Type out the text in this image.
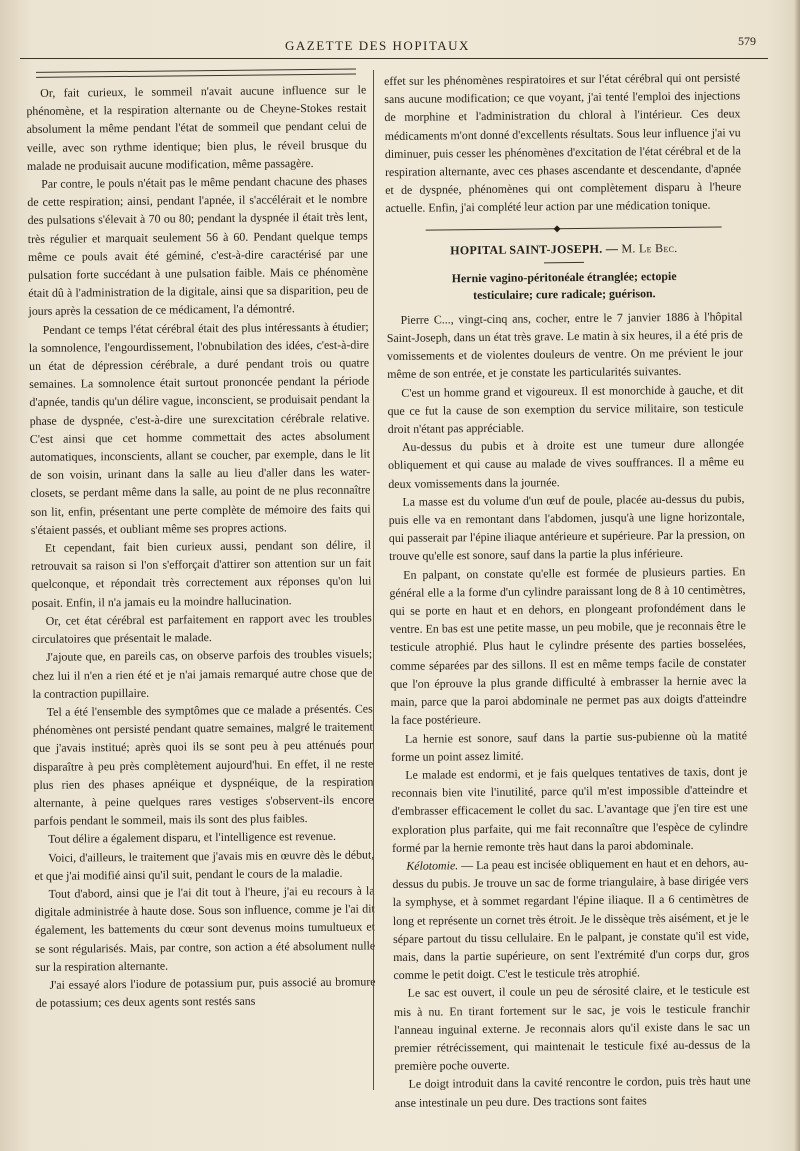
GAZETTE DES HOPITAUX	579

Or, fait curieux, le sommeil n'avait aucune influence sur le phénomène, et la respiration alternante ou de Cheyne-Stokes restait absolument la même pendant l'état de sommeil que pendant celui de veille, avec son rythme identique; bien plus, le réveil brusque du malade ne produisait aucune modification, même passagère.

Par contre, le pouls n'était pas le même pendant chacune des phases de cette respiration; ainsi, pendant l'apnée, il s'accélérait et le nombre des pulsations s'élevait à 70 ou 80; pendant la dyspnée il était très lent, très régulier et marquait seulement 56 à 60. Pendant quelque temps même ce pouls avait été géminé, c'est-à-dire caractérisé par une pulsation forte succédant à une pulsation faible. Mais ce phénomène était dû à l'administration de la digitale, ainsi que sa disparition, peu de jours après la cessation de ce médicament, l'a démontré.

Pendant ce temps l'état cérébral était des plus intéressants à étudier; la somnolence, l'engourdissement, l'obnubilation des idées, c'est-à-dire un état de dépression cérébrale, a duré pendant trois ou quatre semaines. La somnolence était surtout prononcée pendant la période d'apnée, tandis qu'un délire vague, inconscient, se produisait pendant la phase de dyspnée, c'est-à-dire une surexcitation cérébrale relative. C'est ainsi que cet homme commettait des actes absolument automatiques, inconscients, allant se coucher, par exemple, dans le lit de son voisin, urinant dans la salle au lieu d'aller dans les water-closets, se perdant même dans la salle, au point de ne plus reconnaître son lit, enfin, présentant une perte complète de mémoire des faits qui s'étaient passés, et oubliant même ses propres actions.

Et cependant, fait bien curieux aussi, pendant son délire, il retrouvait sa raison si l'on s'efforçait d'attirer son attention sur un fait quelconque, et répondait très correctement aux réponses qu'on lui posait. Enfin, il n'a jamais eu la moindre hallucination.

Or, cet état cérébral est parfaitement en rapport avec les troubles circulatoires que présentait le malade.

J'ajoute que, en pareils cas, on observe parfois des troubles visuels; chez lui il n'en a rien été et je n'ai jamais remarqué autre chose que de la contraction pupillaire.

Tel a été l'ensemble des symptômes que ce malade a présentés. Ces phénomènes ont persisté pendant quatre semaines, malgré le traitement que j'avais institué; après quoi ils se sont peu à peu atténués pour disparaître à peu près complètement aujourd'hui. En effet, il ne reste plus rien des phases apnéique et dyspnéique, de la respiration alternante, à peine quelques rares vestiges s'observent-ils encore parfois pendant le sommeil, mais ils sont des plus faibles.

Tout délire a également disparu, et l'intelligence est revenue.

Voici, d'ailleurs, le traitement que j'avais mis en œuvre dès le début, et que j'ai modifié ainsi qu'il suit, pendant le cours de la maladie.

Tout d'abord, ainsi que je l'ai dit tout à l'heure, j'ai eu recours à la digitale administrée à haute dose. Sous son influence, comme je l'ai dit également, les battements du cœur sont devenus moins tumultueux et se sont régularisés. Mais, par contre, son action a été absolument nulle sur la respiration alternante.

J'ai essayé alors l'iodure de potassium pur, puis associé au bromure de potassium; ces deux agents sont restés sans

effet sur les phénomènes respiratoires et sur l'état cérébral qui ont persisté sans aucune modification; ce que voyant, j'ai tenté l'emploi des injections de morphine et l'administration du chloral à l'intérieur. Ces deux médicaments m'ont donné d'excellents résultats. Sous leur influence j'ai vu diminuer, puis cesser les phénomènes d'excitation de l'état cérébral et de la respiration alternante, avec ces phases ascendante et descendante, d'apnée et de dyspnée, phénomènes qui ont complètement disparu à l'heure actuelle. Enfin, j'ai complété leur action par une médication tonique.

◆
HOPITAL SAINT-JOSEPH. — M. Le Bec.
Hernie vagino-péritonéale étranglée; ectopie
testiculaire; cure radicale; guérison.

Pierre C..., vingt-cinq ans, cocher, entre le 7 janvier 1886 à l'hôpital Saint-Joseph, dans un état très grave. Le matin à six heures, il a été pris de vomissements et de violentes douleurs de ventre. On me prévient le jour même de son entrée, et je constate les particularités suivantes.

C'est un homme grand et vigoureux. Il est monorchide à gauche, et dit que ce fut la cause de son exemption du service militaire, son testicule droit n'étant pas appréciable.

Au-dessus du pubis et à droite est une tumeur dure allongée obliquement et qui cause au malade de vives souffrances. Il a même eu deux vomissements dans la journée.

La masse est du volume d'un œuf de poule, placée au-dessus du pubis, puis elle va en remontant dans l'abdomen, jusqu'à une ligne horizontale, qui passerait par l'épine iliaque antérieure et supérieure. Par la pression, on trouve qu'elle est sonore, sauf dans la partie la plus inférieure.

En palpant, on constate qu'elle est formée de plusieurs parties. En général elle a la forme d'un cylindre paraissant long de 8 à 10 centimètres, qui se porte en haut et en dehors, en plongeant profondément dans le ventre. En bas est une petite masse, un peu mobile, que je reconnais être le testicule atrophié. Plus haut le cylindre présente des parties bosselées, comme séparées par des sillons. Il est en même temps facile de constater que l'on éprouve la plus grande difficulté à embrasser la hernie avec la main, parce que la paroi abdominale ne permet pas aux doigts d'atteindre la face postérieure.

La hernie est sonore, sauf dans la partie sus-pubienne où la matité forme un point assez limité.

Le malade est endormi, et je fais quelques tentatives de taxis, dont je reconnais bien vite l'inutilité, parce qu'il m'est impossible d'atteindre et d'embrasser efficacement le collet du sac. L'avantage que j'en tire est une exploration plus parfaite, qui me fait reconnaître que l'espèce de cylindre formé par la hernie remonte très haut dans la paroi abdominale.

Kélotomie. — La peau est incisée obliquement en haut et en dehors, au-dessus du pubis. Je trouve un sac de forme triangulaire, à base dirigée vers la symphyse, et à sommet regardant l'épine iliaque. Il a 6 centimètres de long et représente un cornet très étroit. Je le dissèque très aisément, et je le sépare partout du tissu cellulaire. En le palpant, je constate qu'il est vide, mais, dans la partie supérieure, on sent l'extrémité d'un corps dur, gros comme le petit doigt. C'est le testicule très atrophié.

Le sac est ouvert, il coule un peu de sérosité claire, et le testicule est mis à nu. En tirant fortement sur le sac, je vois le testicule franchir l'anneau inguinal externe. Je reconnais alors qu'il existe dans le sac un premier rétrécissement, qui maintenait le testicule fixé au-dessus de la première poche ouverte.

Le doigt introduit dans la cavité rencontre le cordon, puis très haut une anse intestinale un peu dure. Des tractions sont faites
